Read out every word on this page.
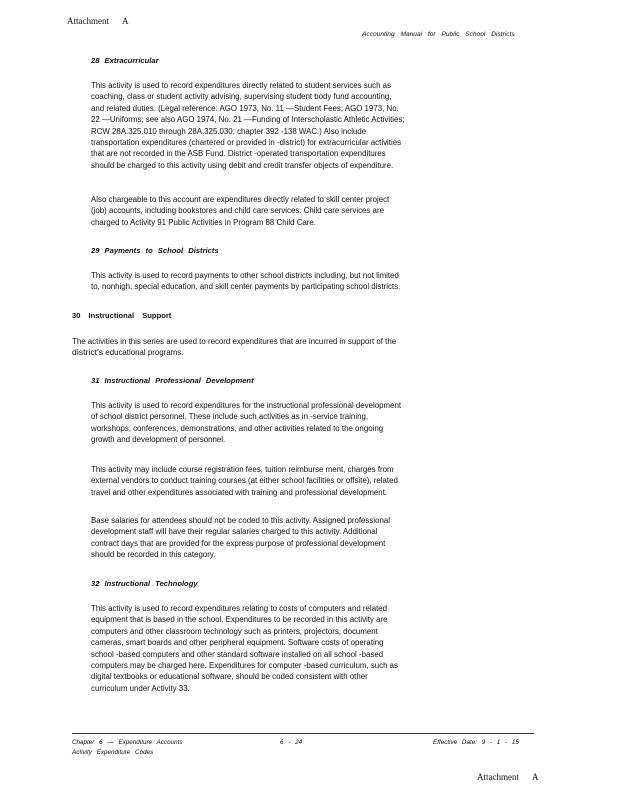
Attachment      A
Accounting Manual for Public School Districts
28 Extracurricular
This activity is used to record expenditures directly related to student services such as
coaching, class or student activity advising, supervising student body fund accounting,
and related duties. (Legal reference: AGO 1973, No. 11 —Student Fees; AGO 1973, No.
22 —Uniforms; see also AGO 1974, No. 21 —Funding of Interscholastic Athletic Activities;
RCW 28A.325.010 through 28A.325.030; chapter 392 -138 WAC.) Also include
transportation expenditures (chartered or provided in -district) for extracurricular activities
that are not recorded in the ASB Fund. District -operated transportation expenditures
should be charged to this activity using debit and credit transfer objects of expenditure.
Also chargeable to this account are expenditures directly related to skill center project
(job) accounts, including bookstores and child care services. Child care services are
charged to Activity 91 Public Activities in Program 88 Child Care.
29 Payments to School Districts
This activity is used to record payments to other school districts including, but not limited
to, nonhigh, special education, and skill center payments by participating school districts.
30 Instructional Support
The activities in this series are used to record expenditures that are incurred in support of the
district's educational programs.
31 Instructional Professional Development
This activity is used to record expenditures for the instructional professional development
of school district personnel. These include such activities as in -service training,
workshops, conferences, demonstrations, and other activities related to the ongoing
growth and development of personnel.
This activity may include course registration fees, tuition reimburse ment, charges from
external vendors to conduct training courses (at either school facilities or offsite), related
travel and other expenditures associated with training and professional development.
Base salaries for attendees should not be coded to this activity. Assigned professional
development staff will have their regular salaries charged to this activity. Additional
contract days that are provided for the express purpose of professional development
should be recorded in this category.
32 Instructional Technology
This activity is used to record expenditures relating to costs of computers and related
equipment that is based in the school. Expenditures to be recorded in this activity are
computers and other classroom technology such as printers, projectors, document
cameras, smart boards and other peripheral equipment. Software costs of operating
school -based computers and other standard software installed on all school -based
computers may be charged here. Expenditures for computer -based curriculum, such as
digital textbooks or educational software, should be coded consistent with other
curriculum under Activity 33.
Chapter 6 — Expenditure Accounts
Activity Expenditure Codes
6 - 24	Effective Date: 9 - 1 - 15
Attachment      A
